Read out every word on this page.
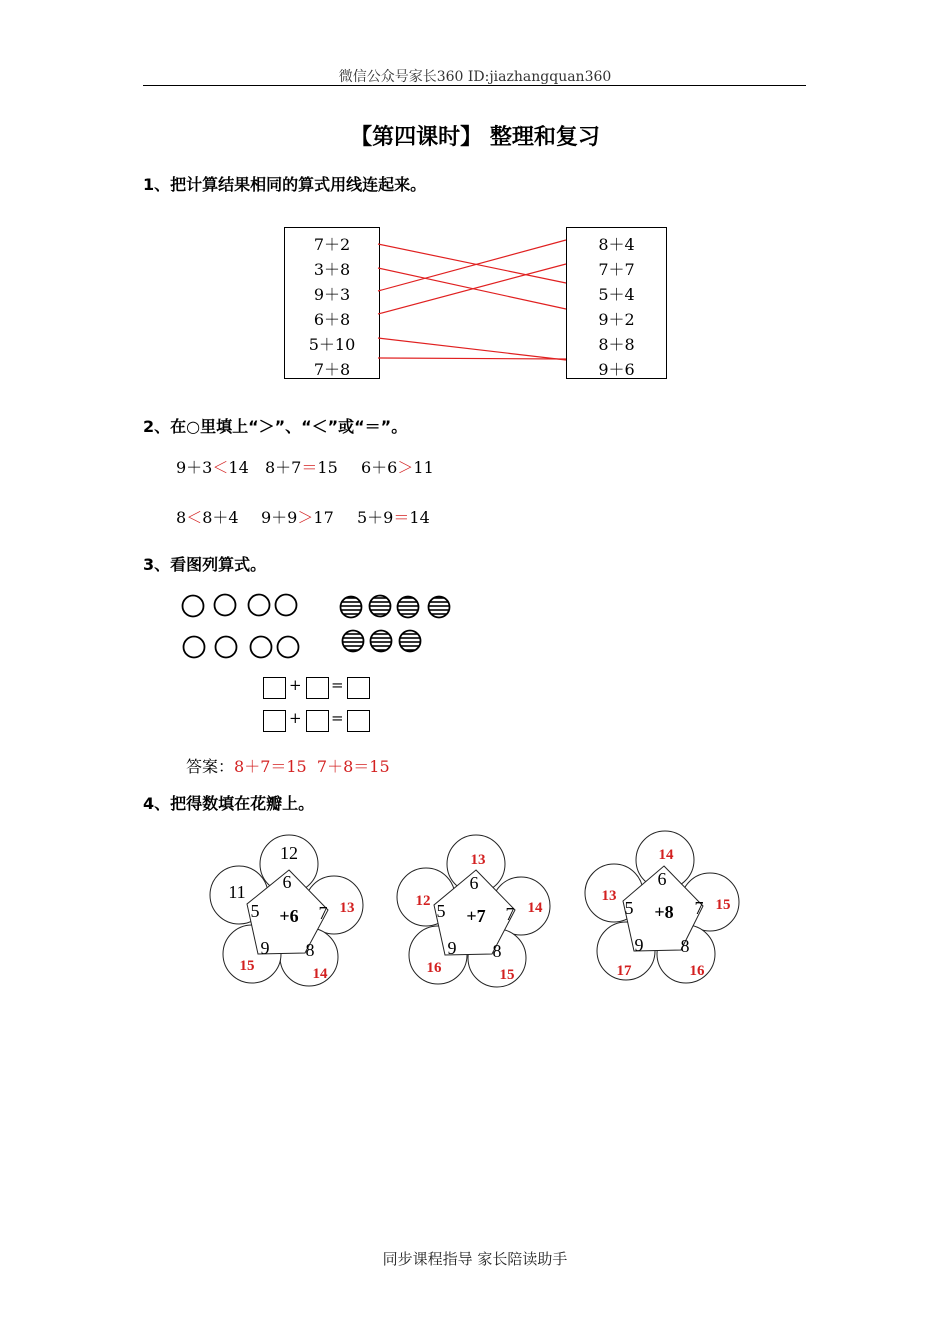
微信公众号家长360 ID:jiazhangquan360
【第四课时】 整理和复习
1、把计算结果相同的算式用线连起来。
7＋2
3＋8
9＋3
6＋8
5＋10
7＋8
8＋4
7＋7
5＋4
9＋2
8＋8
9＋6
2、在○里填上“＞”、“＜”或“＝”。
9＋3＜14 8＋7＝15 6＋6＞11
8＜8＋4 9＋9＞17 5＋9＝14
3、看图列算式。
+ =
+ =
答案：8＋7＝15  7＋8＝15
4、把得数填在花瓣上。
12
13
14
15
11 6
7
8
9
5 +6
13
14
15
16
12
6
7
8
9
5 +7
14
15
16
17
13
6
7
8
9
5 +8
同步课程指导 家长陪读助手
